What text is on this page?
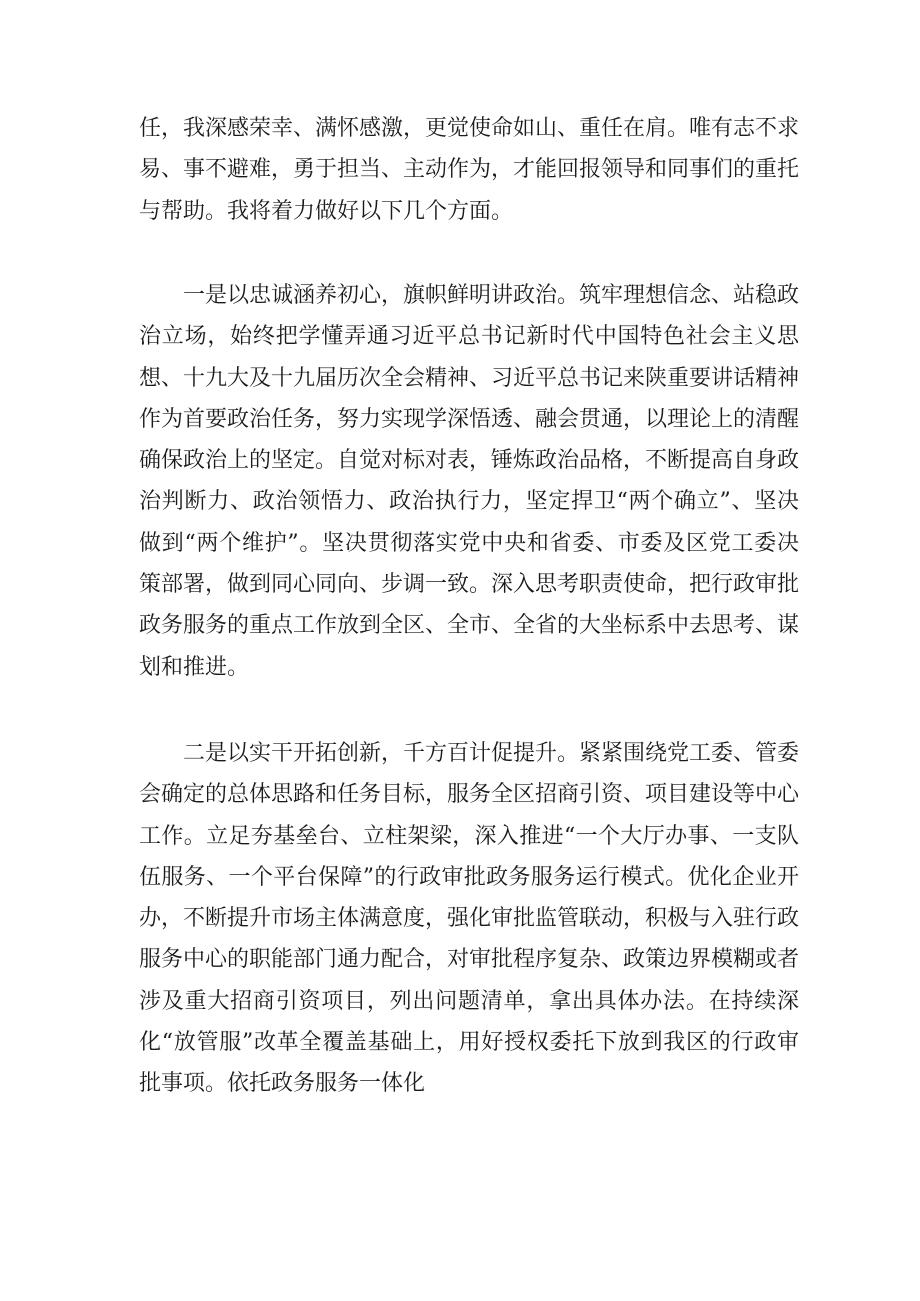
任，我深感荣幸、满怀感激，更觉使命如山、重任在肩。唯有志不求易、事不避难，勇于担当、主动作为，才能回报领导和同事们的重托与帮助。我将着力做好以下几个方面。

一是以忠诚涵养初心，旗帜鲜明讲政治。筑牢理想信念、站稳政治立场，始终把学懂弄通习近平总书记新时代中国特色社会主义思想、十九大及十九届历次全会精神、习近平总书记来陕重要讲话精神作为首要政治任务，努力实现学深悟透、融会贯通，以理论上的清醒确保政治上的坚定。自觉对标对表，锤炼政治品格，不断提高自身政治判断力、政治领悟力、政治执行力，坚定捍卫“两个确立”、坚决做到“两个维护”。坚决贯彻落实党中央和省委、市委及区党工委决策部署，做到同心同向、步调一致。深入思考职责使命，把行政审批政务服务的重点工作放到全区、全市、全省的大坐标系中去思考、谋划和推进。

二是以实干开拓创新，千方百计促提升。紧紧围绕党工委、管委会确定的总体思路和任务目标，服务全区招商引资、项目建设等中心工作。立足夯基垒台、立柱架梁，深入推进“一个大厅办事、一支队伍服务、一个平台保障”的行政审批政务服务运行模式。优化企业开办，不断提升市场主体满意度，强化审批监管联动，积极与入驻行政服务中心的职能部门通力配合，对审批程序复杂、政策边界模糊或者涉及重大招商引资项目，列出问题清单，拿出具体办法。在持续深化“放管服”改革全覆盖基础上，用好授权委托下放到我区的行政审批事项。依托政务服务一体化
